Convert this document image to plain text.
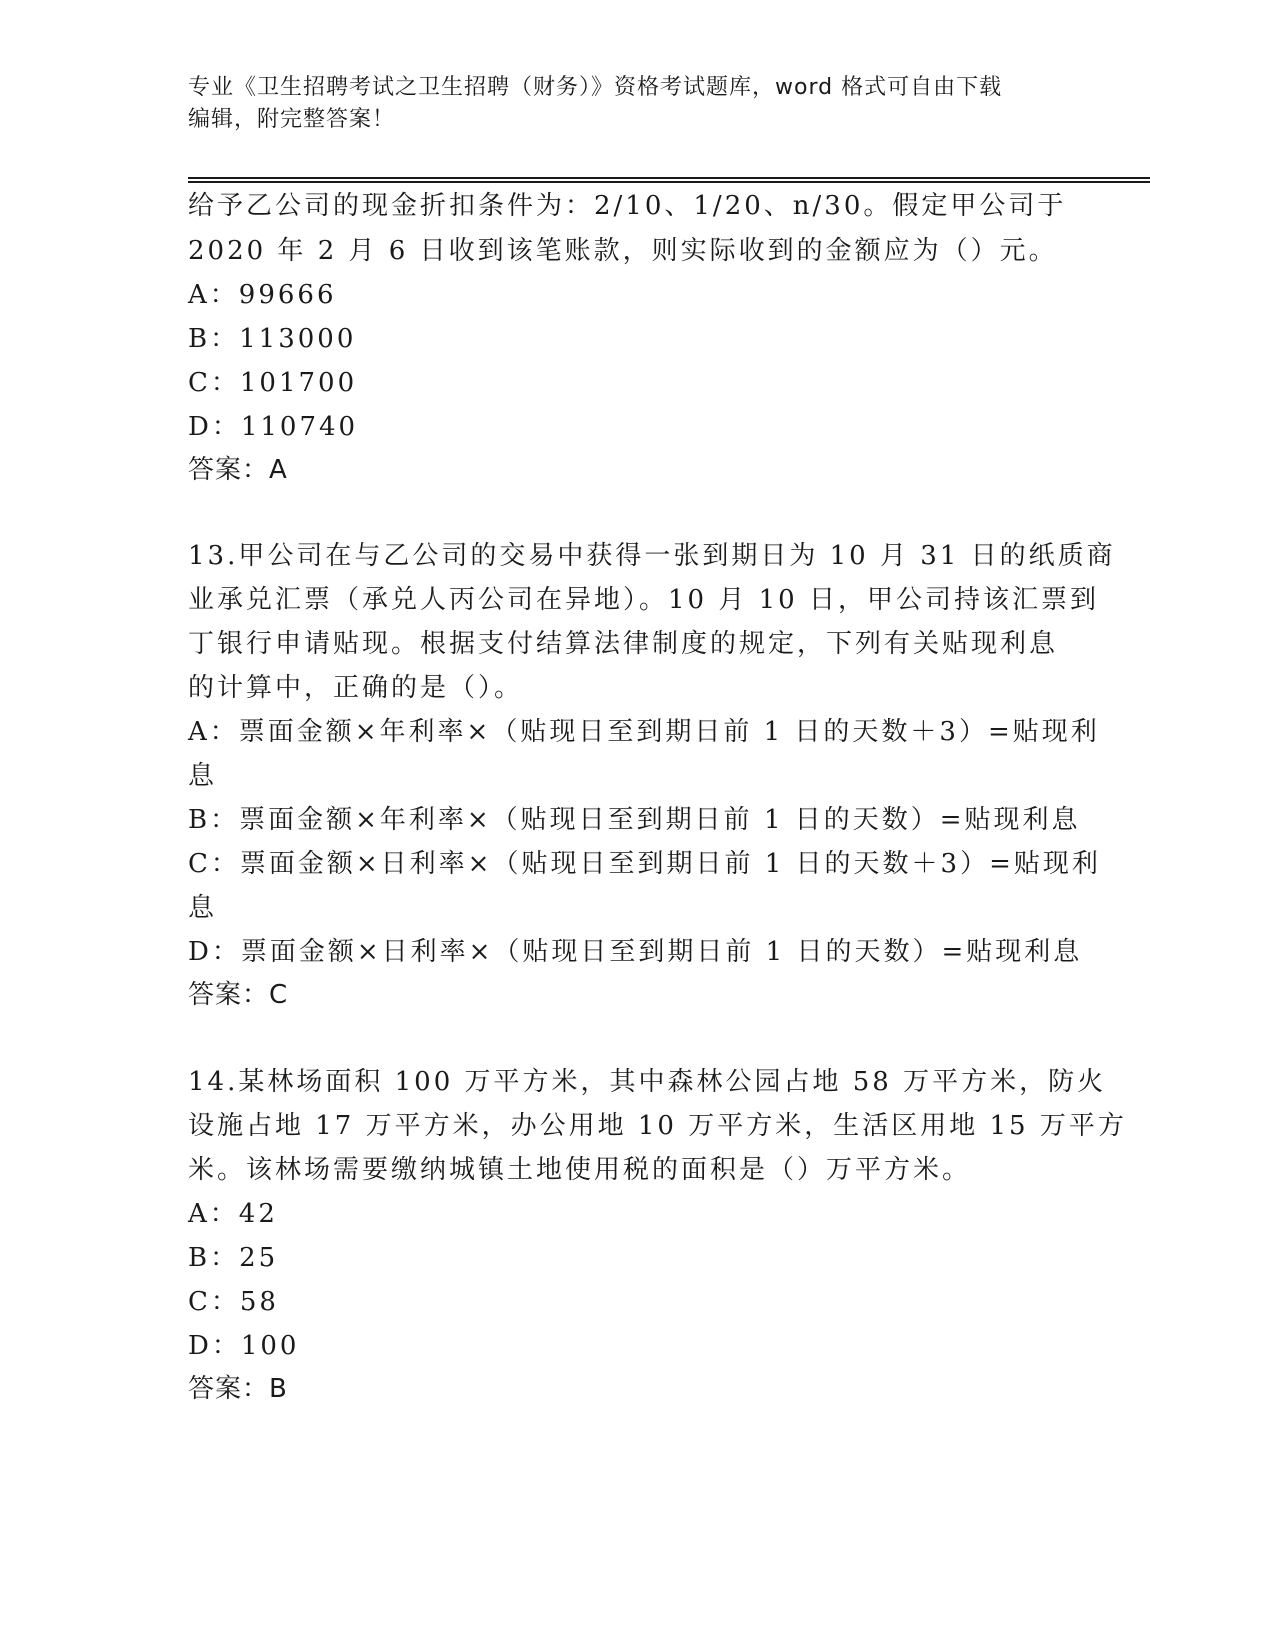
专业《卫生招聘考试之卫生招聘（财务）》资格考试题库，word 格式可自由下载
编辑，附完整答案！
给予乙公司的现金折扣条件为：2/10、1/20、n/30。假定甲公司于
2020 年 2 月 6 日收到该笔账款，则实际收到的金额应为（）元。
A：99666
B：113000
C：101700
D：110740
答案：A
13.甲公司在与乙公司的交易中获得一张到期日为 10 月 31 日的纸质商
业承兑汇票（承兑人丙公司在异地）。10 月 10 日，甲公司持该汇票到
丁银行申请贴现。根据支付结算法律制度的规定，下列有关贴现利息
的计算中，正确的是（）。
A：票面金额×年利率×（贴现日至到期日前 1 日的天数＋3）=贴现利
息
B：票面金额×年利率×（贴现日至到期日前 1 日的天数）=贴现利息
C：票面金额×日利率×（贴现日至到期日前 1 日的天数＋3）=贴现利
息
D：票面金额×日利率×（贴现日至到期日前 1 日的天数）=贴现利息
答案：C
14.某林场面积 100 万平方米，其中森林公园占地 58 万平方米，防火
设施占地 17 万平方米，办公用地 10 万平方米，生活区用地 15 万平方
米。该林场需要缴纳城镇土地使用税的面积是（）万平方米。
A：42
B：25
C：58
D：100
答案：B
